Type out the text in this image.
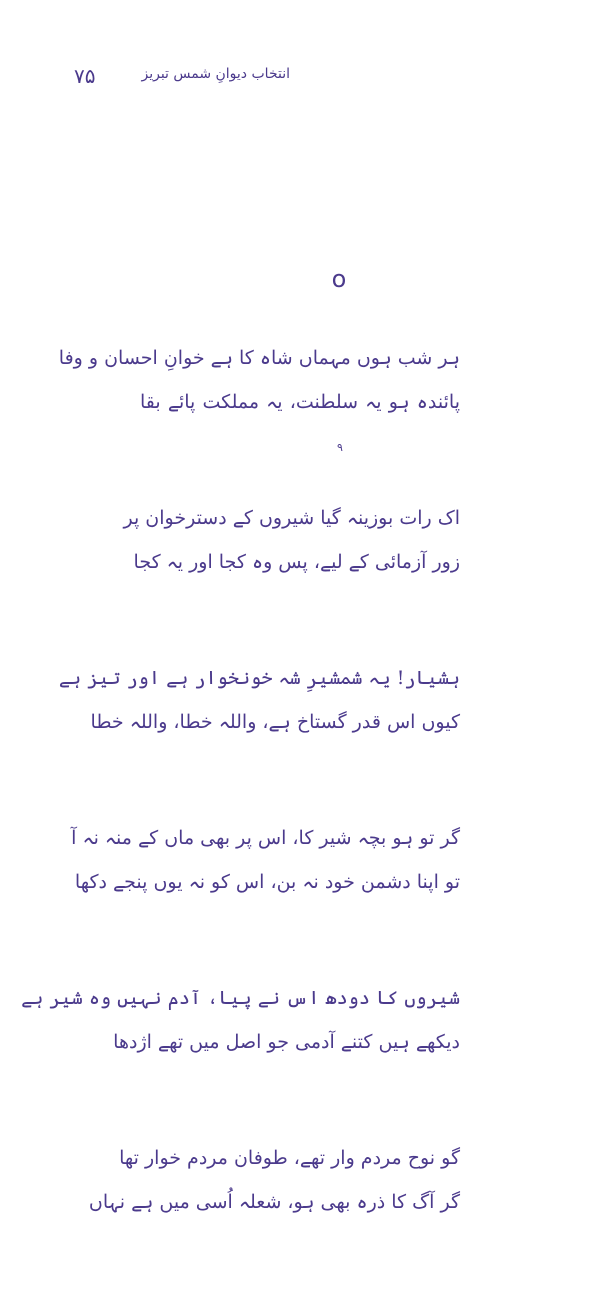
۷۵	انتخاب دیوانِ شمس تبریز
o
ہر شب ہوں مہماں شاہ کا ہے خوانِ احسان و وفا
پائندہ ہو یہ سلطنت، یہ مملکت پائے بقا
اک رات بوزینہ گیا شیروں کے دسترخوان پر
زور آزمائی کے لیے، پس وہ کجا اور یہ کجا
ہشیار! یہ شمشیرِ شہ خونخوار ہے اور تیز ہے
کیوں اس قدر گستاخ ہے، واللہ خطا، واللہ خطا
گر تو ہو بچہ شیر کا، اس پر بھی ماں کے منہ نہ آ
تو اپنا دشمن خود نہ بن، اس کو نہ یوں پنجے دکھا
شیروں کا دودھ اس نے پیا، آدم نہیں وہ شیر ہے
دیکھے ہیں کتنے آدمی جو اصل میں تھے اژدھا
گو نوح مردم وار تھے، طوفان مردم خوار تھا
گر آگ کا ذرہ بھی ہو، شعلہ اُسی میں ہے نہاں
۹
